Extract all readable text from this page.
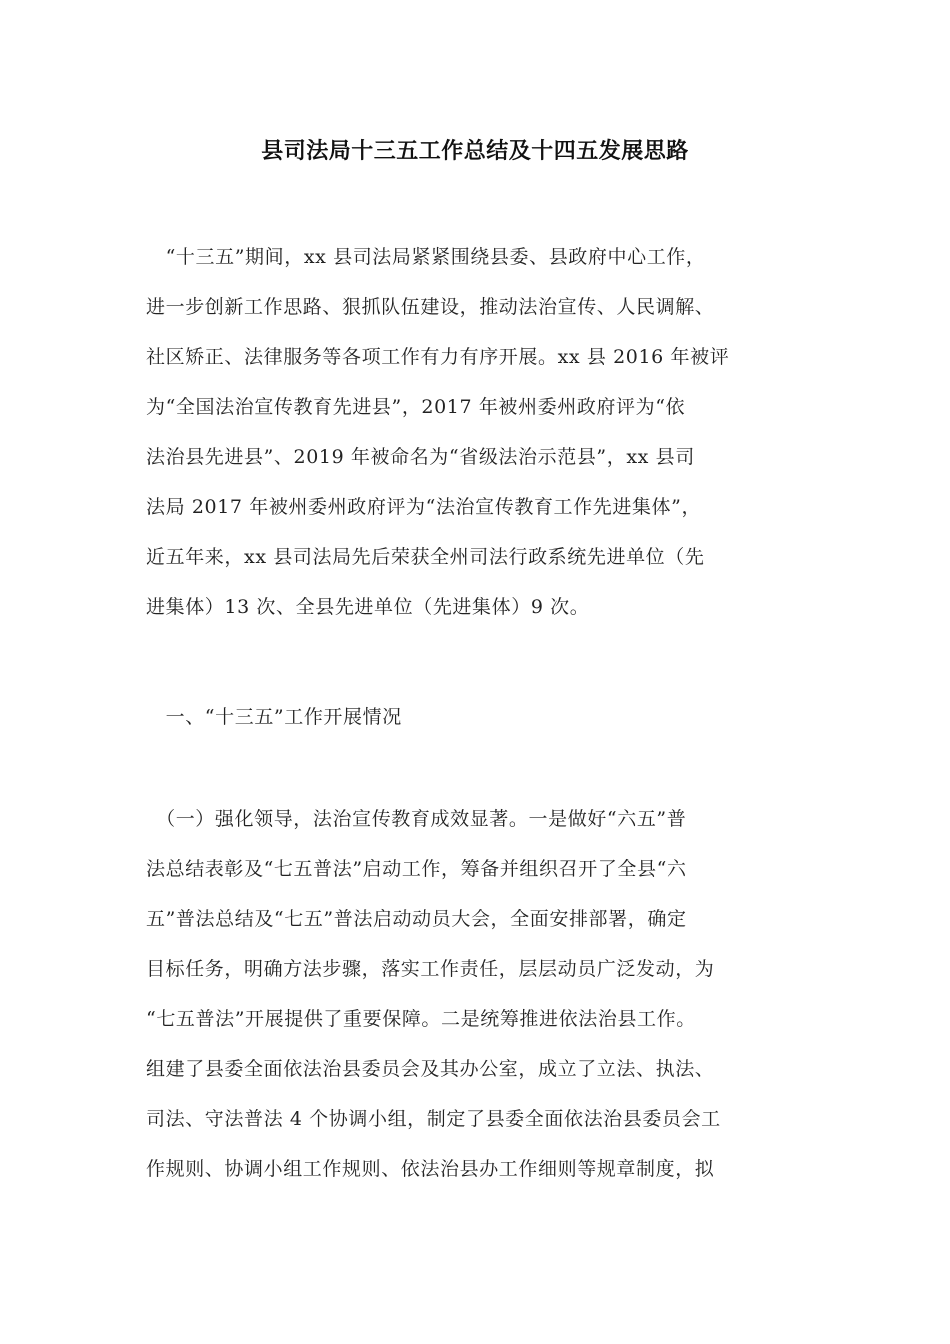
县司法局十三五工作总结及十四五发展思路
　“十三五”期间，xx 县司法局紧紧围绕县委、县政府中心工作，
进一步创新工作思路、狠抓队伍建设，推动法治宣传、人民调解、
社区矫正、法律服务等各项工作有力有序开展。xx 县 2016 年被评
为“全国法治宣传教育先进县”，2017 年被州委州政府评为“依
法治县先进县”、2019 年被命名为“省级法治示范县”，xx 县司
法局 2017 年被州委州政府评为“法治宣传教育工作先进集体”，
近五年来，xx 县司法局先后荣获全州司法行政系统先进单位（先
进集体）13 次、全县先进单位（先进集体）9 次。
　一、“十三五”工作开展情况
　（一）强化领导，法治宣传教育成效显著。一是做好“六五”普
法总结表彰及“七五普法”启动工作，筹备并组织召开了全县“六
五”普法总结及“七五”普法启动动员大会，全面安排部署，确定
目标任务，明确方法步骤，落实工作责任，层层动员广泛发动，为
“七五普法”开展提供了重要保障。二是统筹推进依法治县工作。
组建了县委全面依法治县委员会及其办公室，成立了立法、执法、
司法、守法普法 4 个协调小组，制定了县委全面依法治县委员会工
作规则、协调小组工作规则、依法治县办工作细则等规章制度，拟
